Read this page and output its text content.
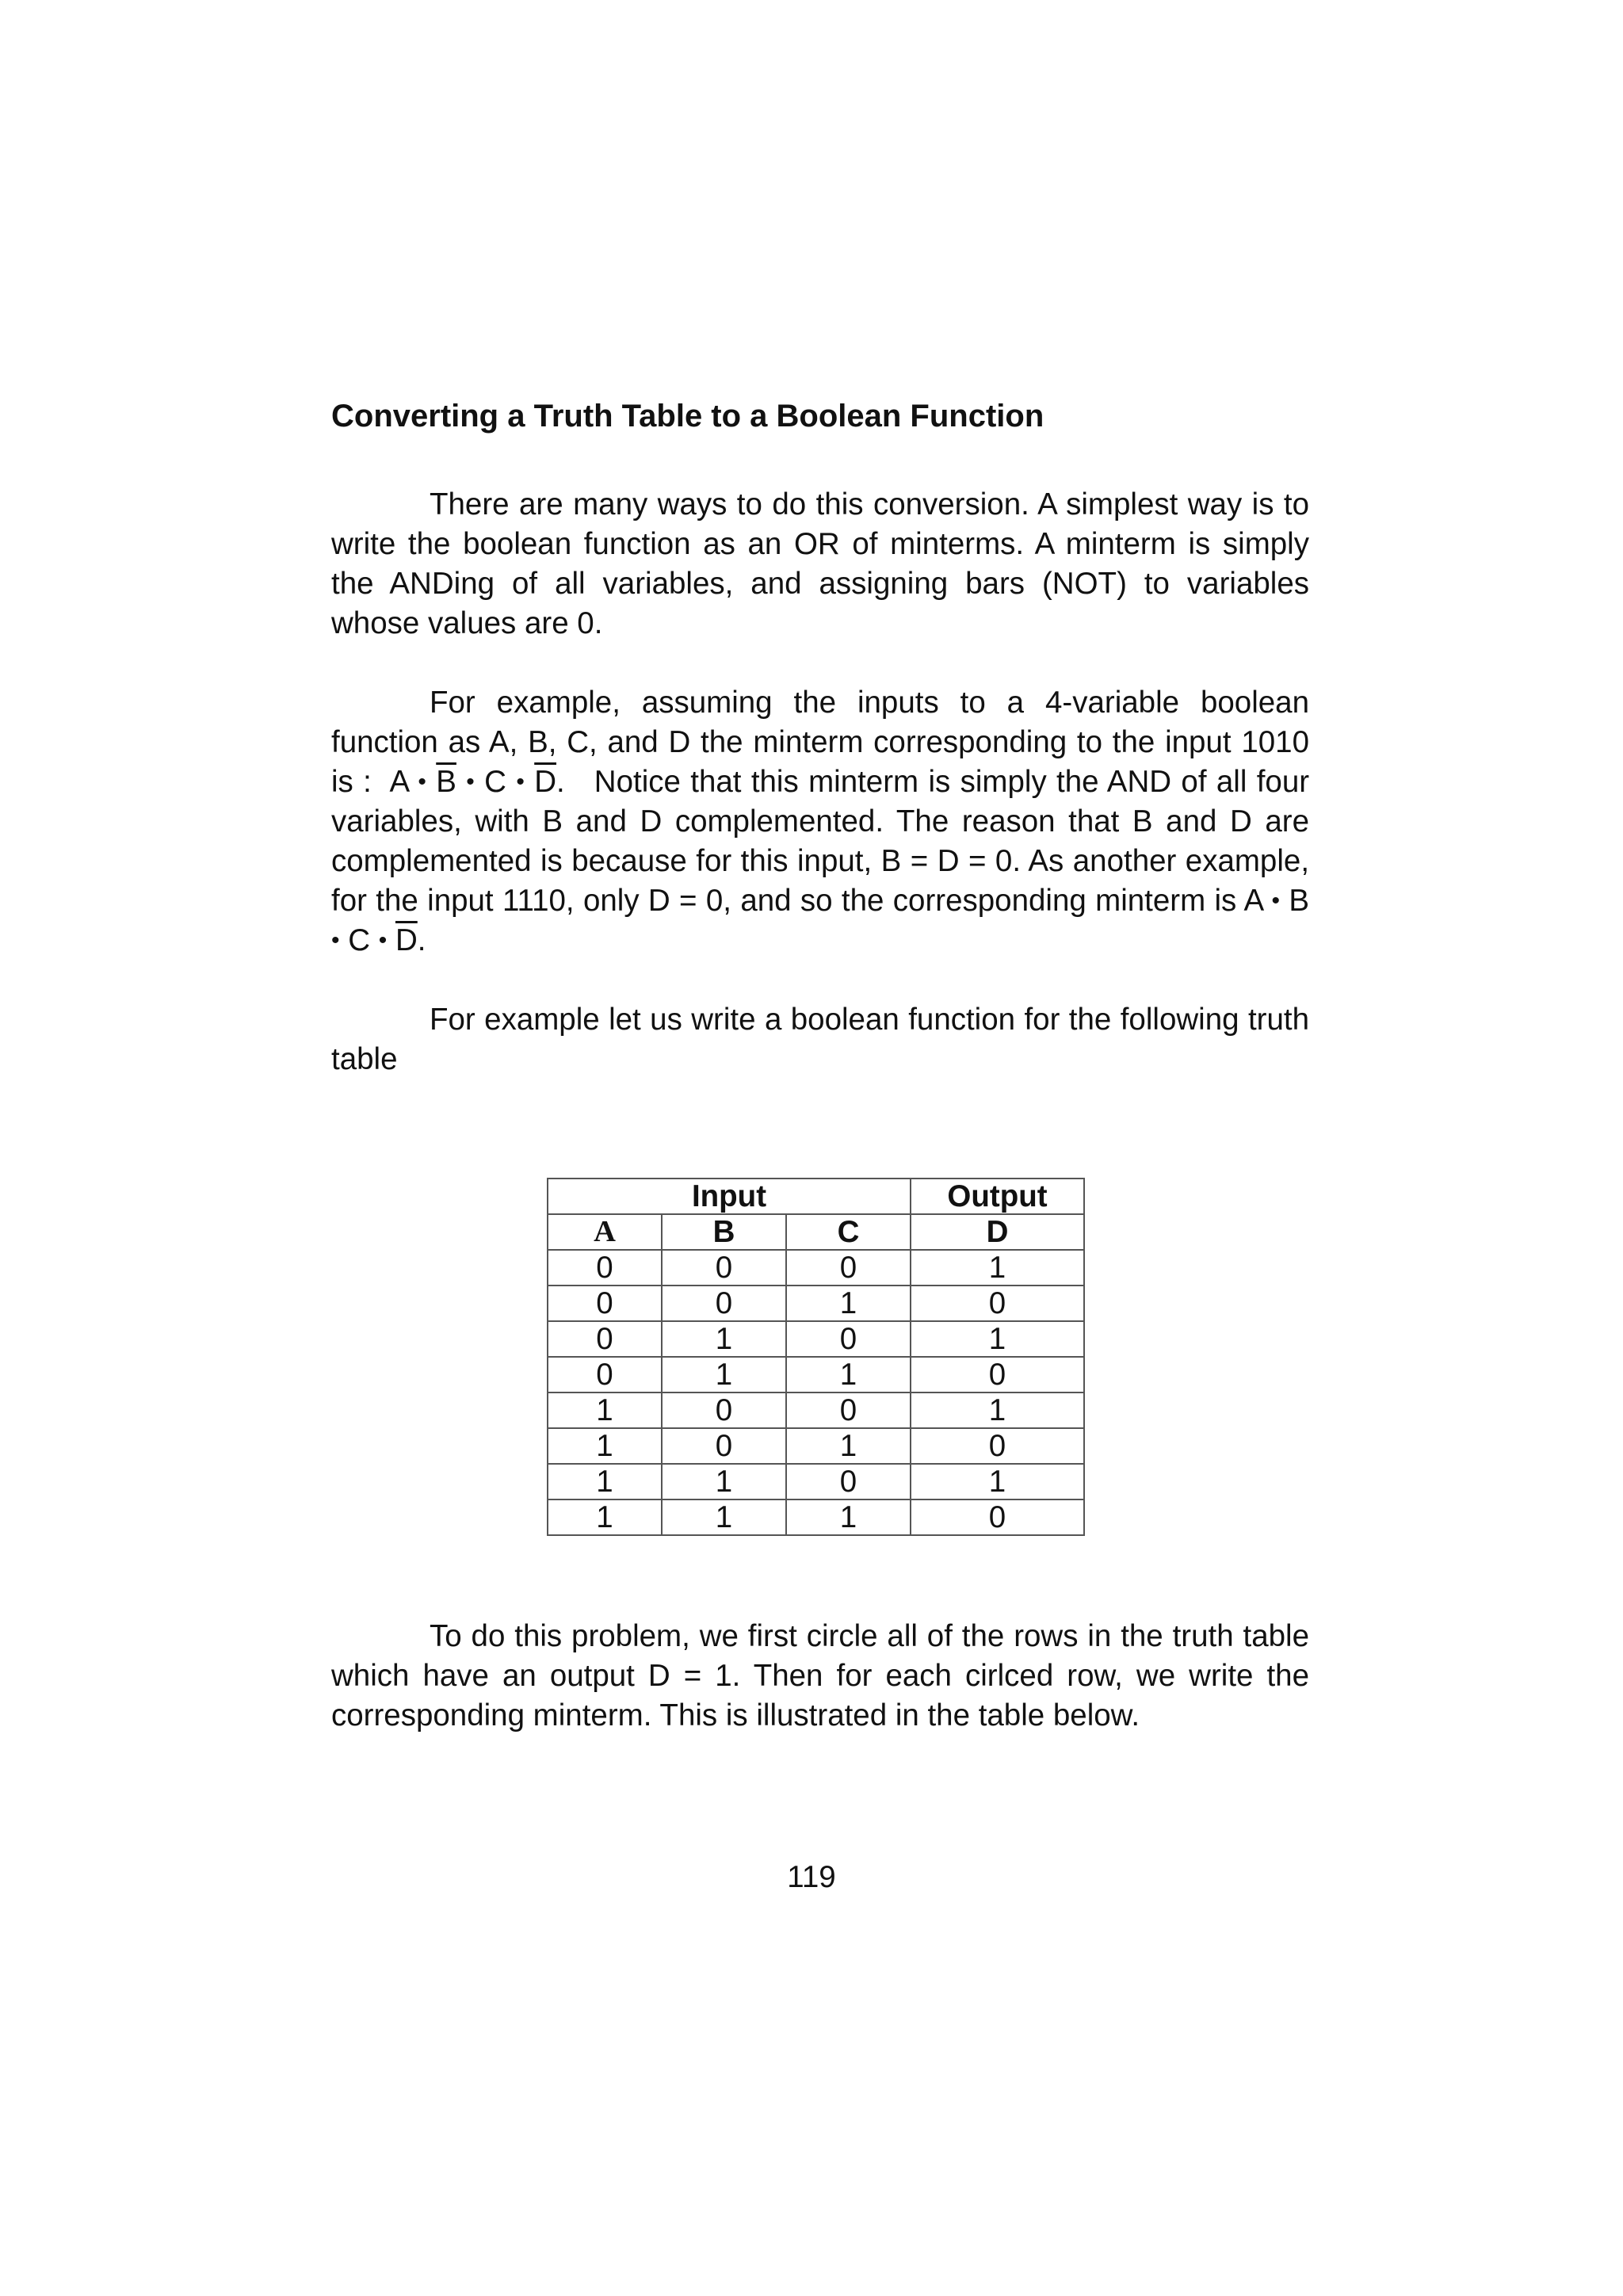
Converting a Truth Table to a Boolean Function

There are many ways to do this conversion. A simplest way is to write the boolean function as an OR of minterms. A minterm is simply the ANDing of all variables, and assigning bars (NOT) to variables whose values are 0.

For example, assuming the inputs to a 4-variable boolean function as A, B, C, and D the minterm corresponding to the input 1010 is : A • $\overline{B}$ • C • $\overline{D}$. Notice that this minterm is simply the AND of all four variables, with B and D complemented. The reason that B and D are complemented is because for this input, B = D = 0. As another example, for the input 1110, only D = 0, and so the corresponding minterm is A • B • C • $\overline{D}$.

For example let us write a boolean function for the following truth table

Input			Output
A	B	C	D
0	0	0	1
0	0	1	0
0	1	0	1
0	1	1	0
1	0	0	1
1	0	1	0
1	1	0	1
1	1	1	0

To do this problem, we first circle all of the rows in the truth table which have an output D = 1. Then for each cirlced row, we write the corresponding minterm. This is illustrated in the table below.

119
